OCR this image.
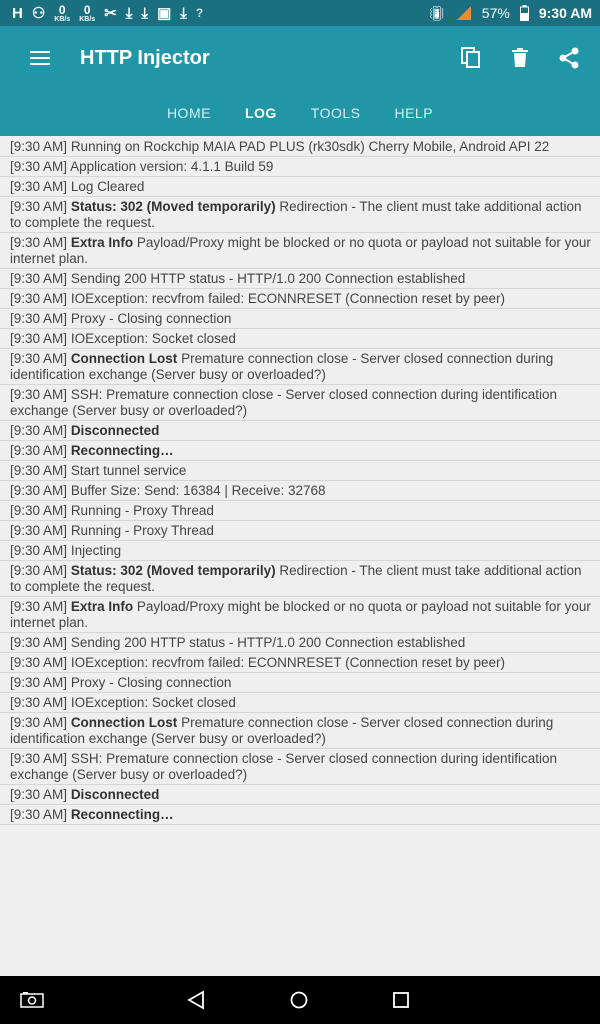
H ⚇	0
KB/s
0
KB/s ✂ ⤓ ⤓ ▣ ⤓ ?	📳︎	57% 9:30 AM
HTTP Injector
HOME	LOG	TOOLS	HELP
[9:30 AM] Running on Rockchip MAIA PAD PLUS (rk30sdk) Cherry Mobile, Android API 22
[9:30 AM] Application version: 4.1.1 Build 59
[9:30 AM] Log Cleared
[9:30 AM] Status: 302 (Moved temporarily) Redirection - The client must take additional action to complete the request.
[9:30 AM] Extra Info Payload/Proxy might be blocked or no quota or payload not suitable for your internet plan.
[9:30 AM] Sending 200 HTTP status - HTTP/1.0 200 Connection established
[9:30 AM] IOException: recvfrom failed: ECONNRESET (Connection reset by peer)
[9:30 AM] Proxy - Closing connection
[9:30 AM] IOException: Socket closed
[9:30 AM] Connection Lost Premature connection close - Server closed connection during identification exchange (Server busy or overloaded?)
[9:30 AM] SSH: Premature connection close - Server closed connection during identification exchange (Server busy or overloaded?)
[9:30 AM] Disconnected
[9:30 AM] Reconnecting…
[9:30 AM] Start tunnel service
[9:30 AM] Buffer Size: Send: 16384 | Receive: 32768
[9:30 AM] Running - Proxy Thread
[9:30 AM] Running - Proxy Thread
[9:30 AM] Injecting
[9:30 AM] Status: 302 (Moved temporarily) Redirection - The client must take additional action to complete the request.
[9:30 AM] Extra Info Payload/Proxy might be blocked or no quota or payload not suitable for your internet plan.
[9:30 AM] Sending 200 HTTP status - HTTP/1.0 200 Connection established
[9:30 AM] IOException: recvfrom failed: ECONNRESET (Connection reset by peer)
[9:30 AM] Proxy - Closing connection
[9:30 AM] IOException: Socket closed
[9:30 AM] Connection Lost Premature connection close - Server closed connection during identification exchange (Server busy or overloaded?)
[9:30 AM] SSH: Premature connection close - Server closed connection during identification exchange (Server busy or overloaded?)
[9:30 AM] Disconnected
[9:30 AM] Reconnecting…
